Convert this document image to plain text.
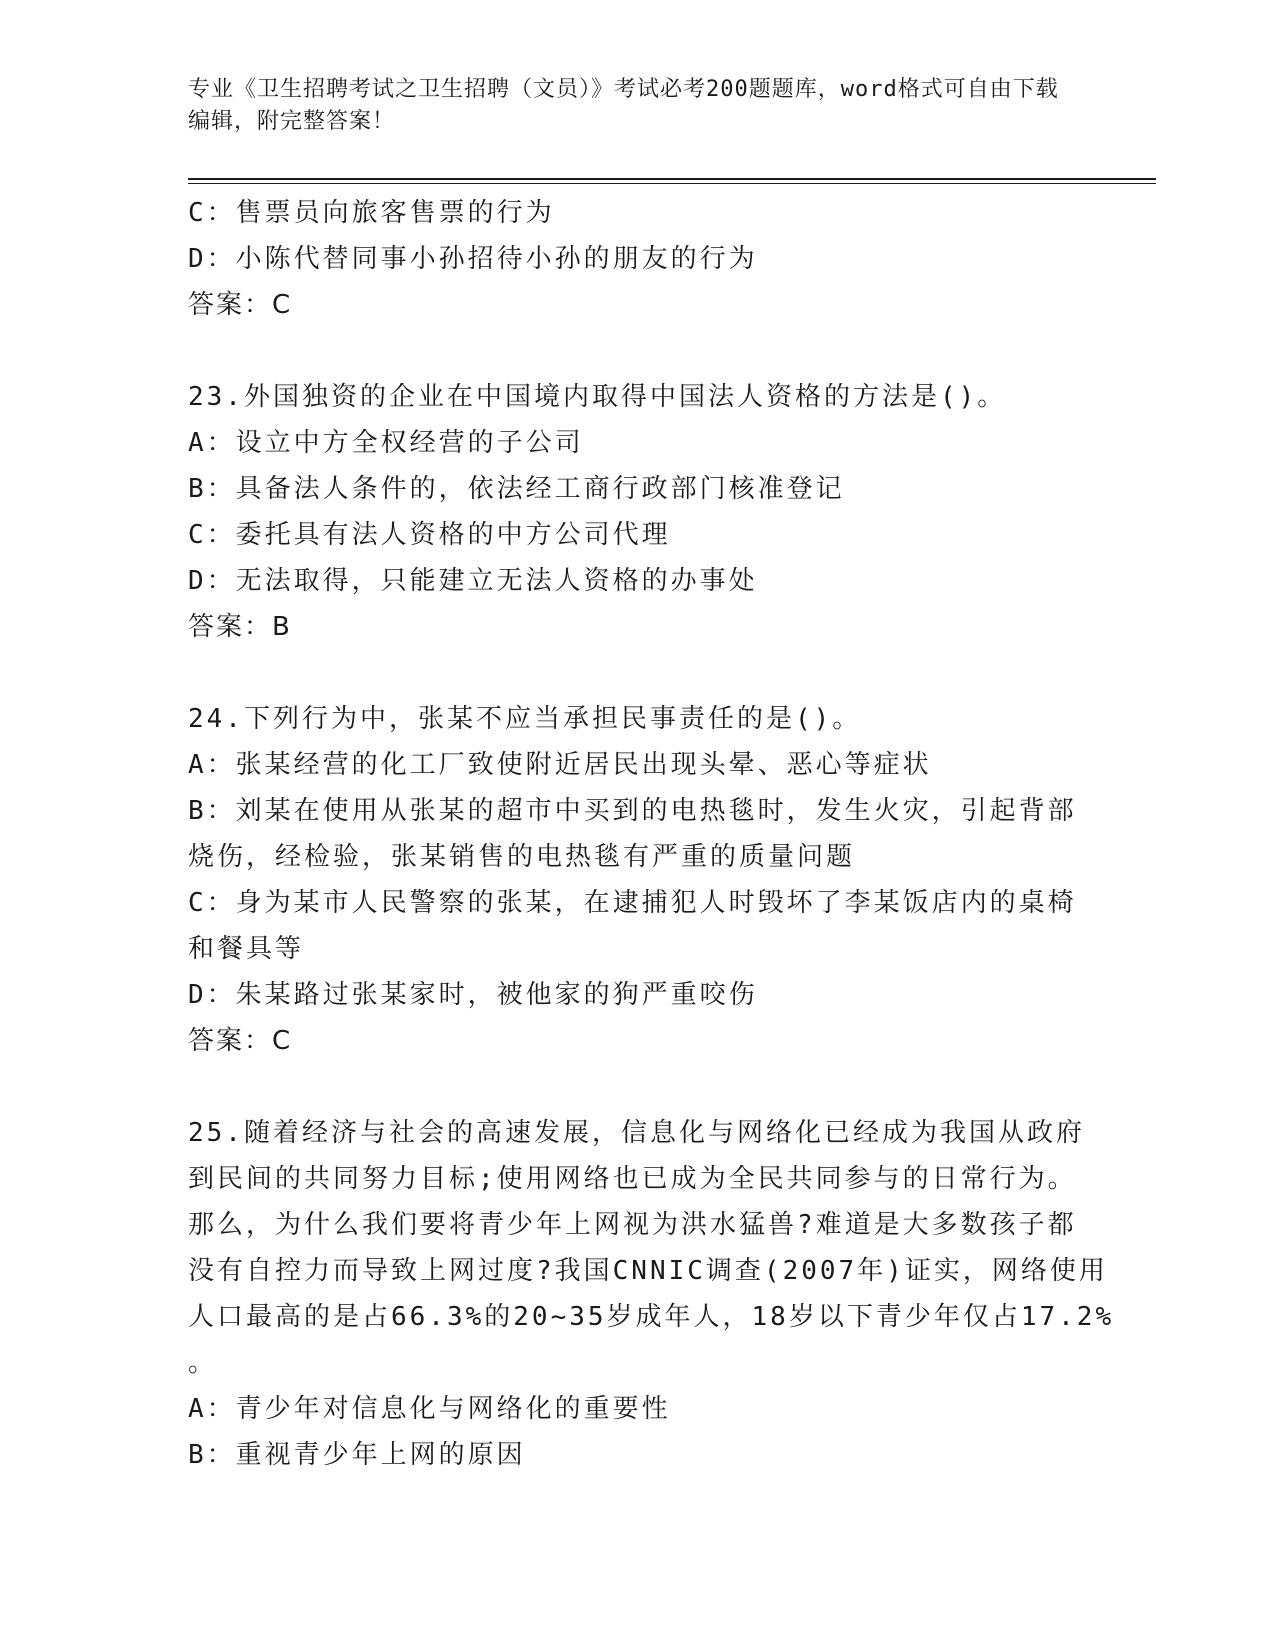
专业《卫生招聘考试之卫生招聘（文员）》考试必考200题题库，word格式可自由下载编辑，附完整答案！
C：售票员向旅客售票的行为
D：小陈代替同事小孙招待小孙的朋友的行为
答案：C
23.外国独资的企业在中国境内取得中国法人资格的方法是()。
A：设立中方全权经营的子公司
B：具备法人条件的，依法经工商行政部门核准登记
C：委托具有法人资格的中方公司代理
D：无法取得，只能建立无法人资格的办事处
答案：B
24.下列行为中，张某不应当承担民事责任的是()。
A：张某经营的化工厂致使附近居民出现头晕、恶心等症状
B：刘某在使用从张某的超市中买到的电热毯时，发生火灾，引起背部
烧伤，经检验，张某销售的电热毯有严重的质量问题
C：身为某市人民警察的张某，在逮捕犯人时毁坏了李某饭店内的桌椅
和餐具等
D：朱某路过张某家时，被他家的狗严重咬伤
答案：C
25.随着经济与社会的高速发展，信息化与网络化已经成为我国从政府
到民间的共同努力目标;使用网络也已成为全民共同参与的日常行为。
那么，为什么我们要将青少年上网视为洪水猛兽?难道是大多数孩子都
没有自控力而导致上网过度?我国CNNIC调查(2007年)证实，网络使用
人口最高的是占66.3%的20~35岁成年人，18岁以下青少年仅占17.2%
。
A：青少年对信息化与网络化的重要性
B：重视青少年上网的原因
